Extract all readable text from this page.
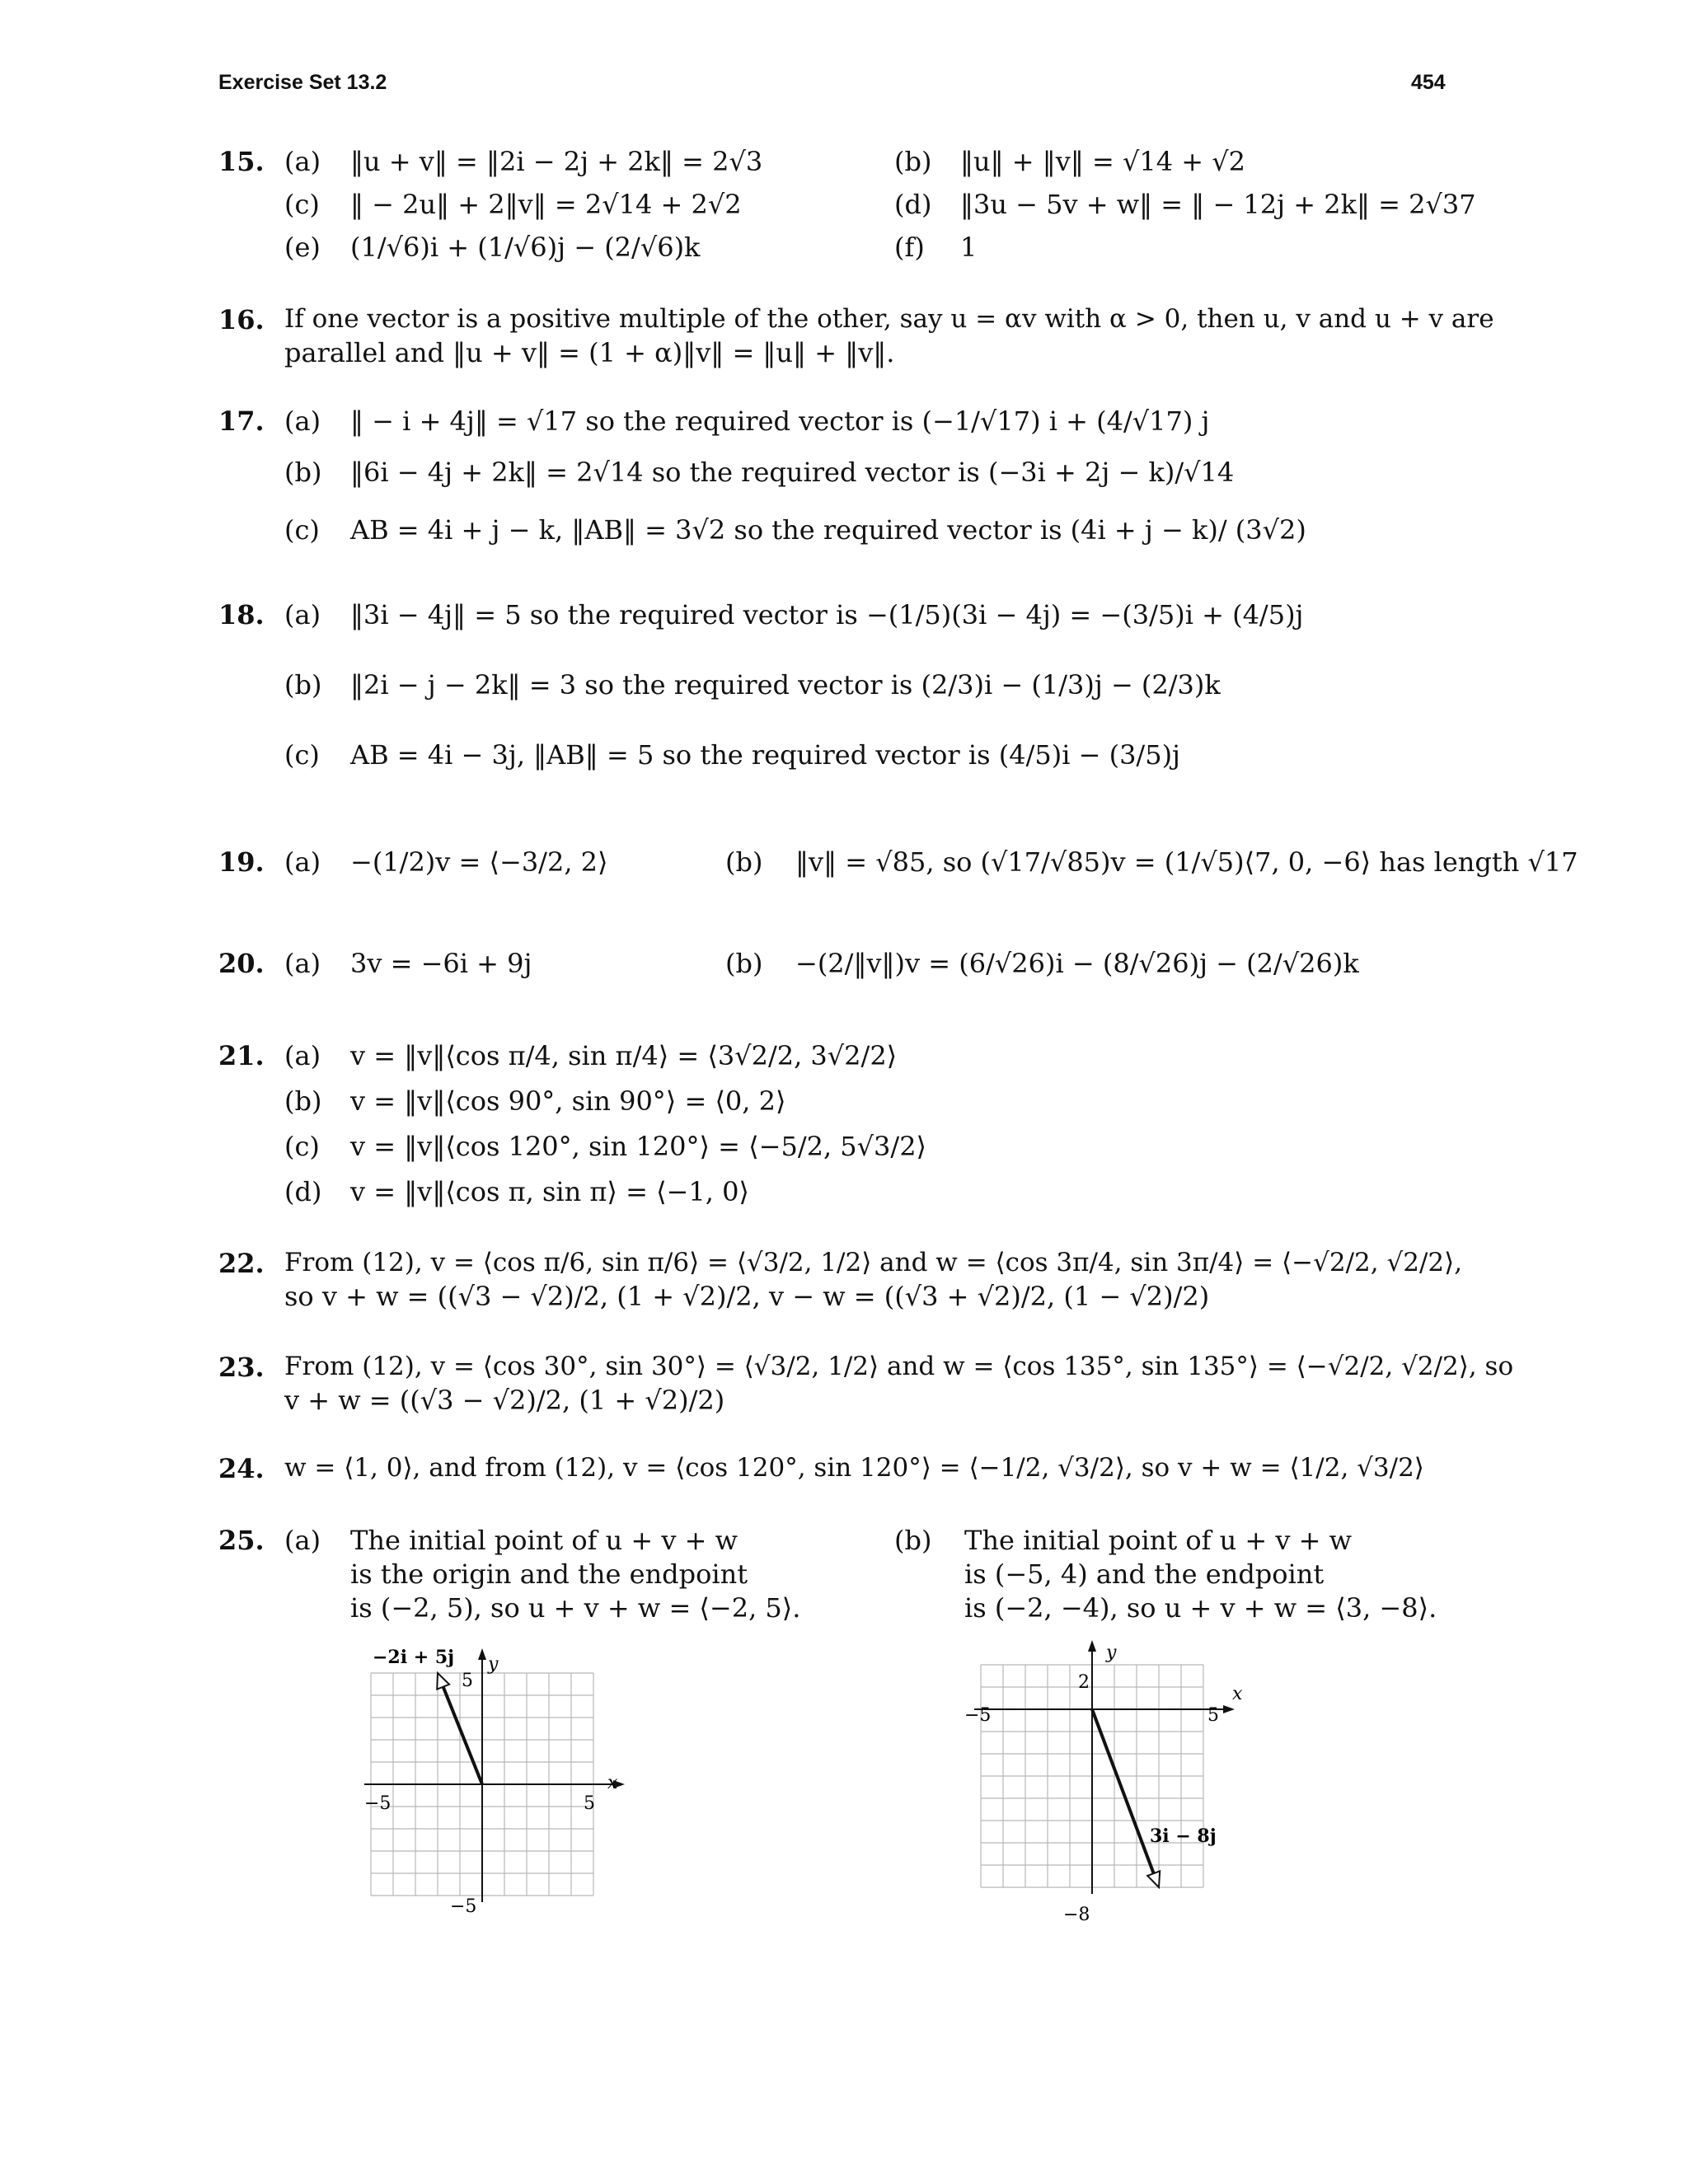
Exercise Set 13.2	454
15. (a) ‖u + v‖ = ‖2i − 2j + 2k‖ = 2√3	(b) ‖u‖ + ‖v‖ = √14 + √2
(c) ‖ − 2u‖ + 2‖v‖ = 2√14 + 2√2	(d) ‖3u − 5v + w‖ = ‖ − 12j + 2k‖ = 2√37
(e) (1/√6)i + (1/√6)j − (2/√6)k	(f) 1
16. If one vector is a positive multiple of the other, say u = αv with α > 0, then u, v and u + v are
parallel and ‖u + v‖ = (1 + α)‖v‖ = ‖u‖ + ‖v‖.
17. (a) ‖ − i + 4j‖ = √17 so the required vector is (−1/√17) i + (4/√17) j
(b) ‖6i − 4j + 2k‖ = 2√14 so the required vector is (−3i + 2j − k)/√14
(c) AB = 4i + j − k, ‖AB‖ = 3√2 so the required vector is (4i + j − k)/ (3√2)
18. (a) ‖3i − 4j‖ = 5 so the required vector is −(1/5)(3i − 4j) = −(3/5)i + (4/5)j
(b) ‖2i − j − 2k‖ = 3 so the required vector is (2/3)i − (1/3)j − (2/3)k
(c) AB = 4i − 3j, ‖AB‖ = 5 so the required vector is (4/5)i − (3/5)j
19. (a) −(1/2)v = ⟨−3/2, 2⟩	(b) ‖v‖ = √85, so (√17/√85)v = (1/√5)⟨7, 0, −6⟩ has length √17
20. (a) 3v = −6i + 9j	(b) −(2/‖v‖)v = (6/√26)i − (8/√26)j − (2/√26)k
21. (a) v = ‖v‖⟨cos π/4, sin π/4⟩ = ⟨3√2/2, 3√2/2⟩
(b) v = ‖v‖⟨cos 90°, sin 90°⟩ = ⟨0, 2⟩
(c) v = ‖v‖⟨cos 120°, sin 120°⟩ = ⟨−5/2, 5√3/2⟩
(d) v = ‖v‖⟨cos π, sin π⟩ = ⟨−1, 0⟩
22. From (12), v = ⟨cos π/6, sin π/6⟩ = ⟨√3/2, 1/2⟩ and w = ⟨cos 3π/4, sin 3π/4⟩ = ⟨−√2/2, √2/2⟩,
so v + w = ((√3 − √2)/2, (1 + √2)/2, v − w = ((√3 + √2)/2, (1 − √2)/2)
23. From (12), v = ⟨cos 30°, sin 30°⟩ = ⟨√3/2, 1/2⟩ and w = ⟨cos 135°, sin 135°⟩ = ⟨−√2/2, √2/2⟩, so
v + w = ((√3 − √2)/2, (1 + √2)/2)
24. w = ⟨1, 0⟩, and from (12), v = ⟨cos 120°, sin 120°⟩ = ⟨−1/2, √3/2⟩, so v + w = ⟨1/2, √3/2⟩
25. (a) The initial point of u + v + w
is the origin and the endpoint
is (−2, 5), so u + v + w = ⟨−2, 5⟩.
(b) The initial point of u + v + w
is (−5, 4) and the endpoint
is (−2, −4), so u + v + w = ⟨3, −8⟩.
−5	5
5
−5
x
y
−2i + 5j
−5	5
2
−8
x
y
3i − 8j
